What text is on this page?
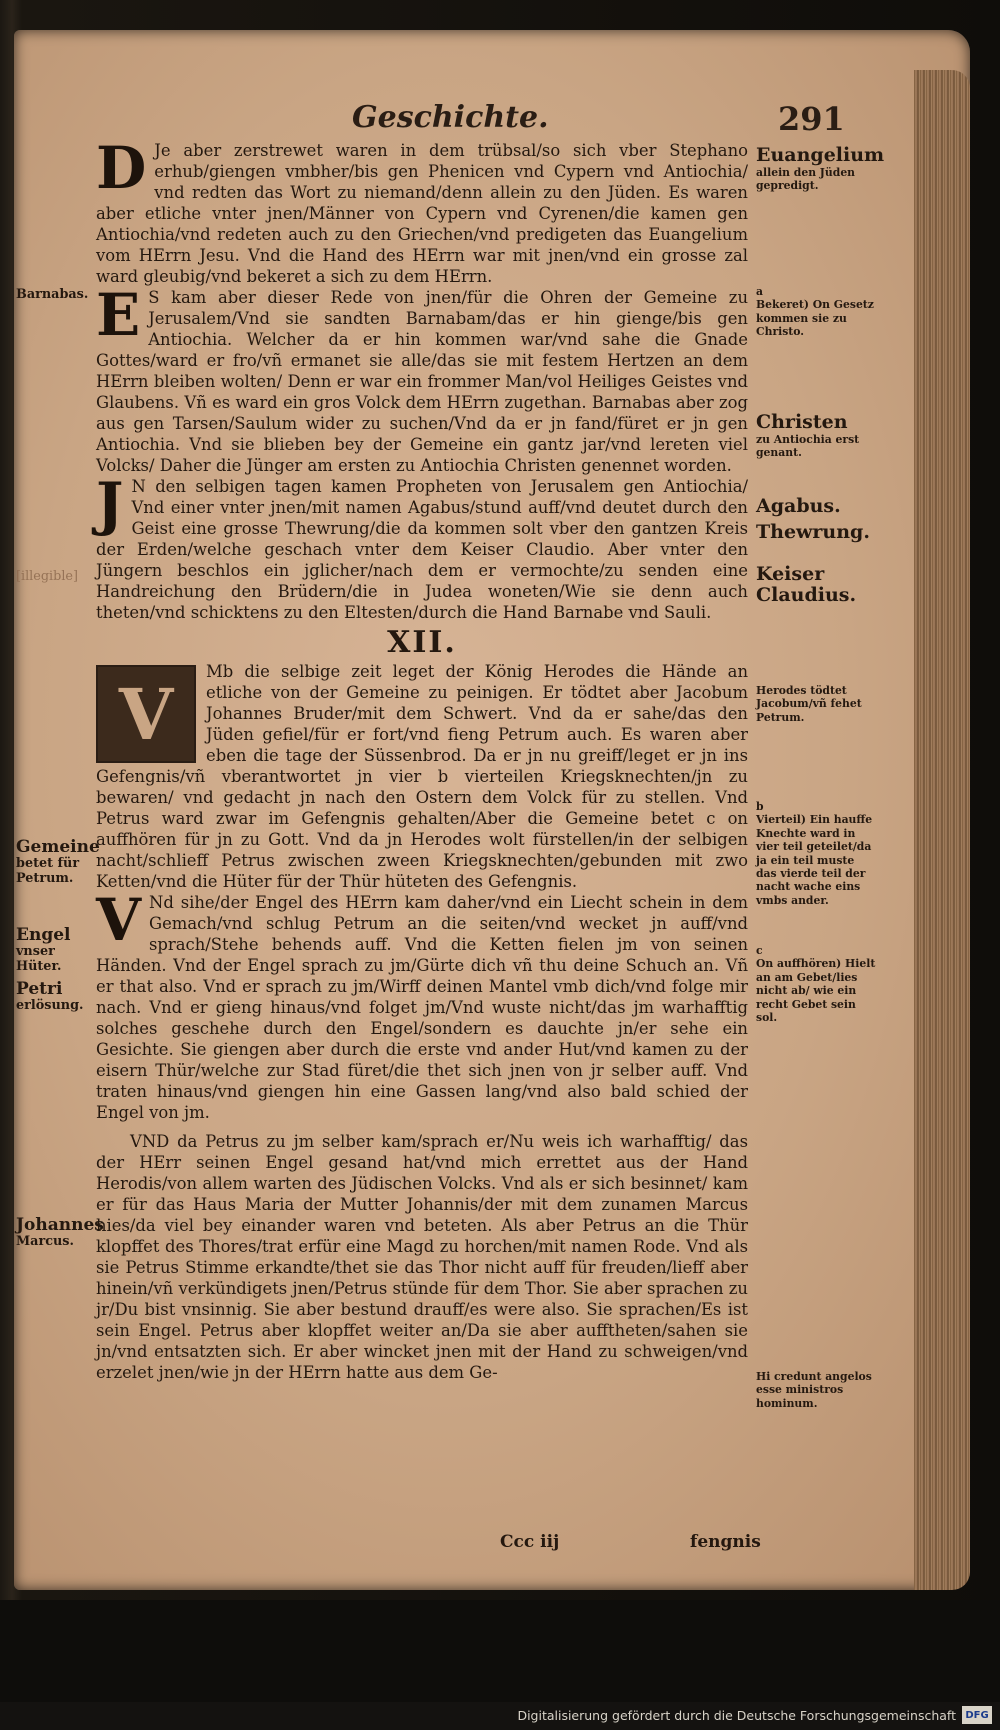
Geschichte.	291

D Je aber zerstrewet waren in dem trübsal/so sich vber Stephano erhub/giengen vmbher/bis gen Phenicen vnd Cypern vnd Antiochia/ vnd redten das Wort zu niemand/denn allein zu den Jüden. Es waren aber etliche vnter jnen/Männer von Cypern vnd Cyrenen/die kamen gen Antiochia/vnd redeten auch zu den Griechen/vnd predigeten das Euangelium vom HErrn Jesu. Vnd die Hand des HErrn war mit jnen/vnd ein grosse zal ward gleubig/vnd bekeret a sich zu dem HErrn.

E S kam aber dieser Rede von jnen/für die Ohren der Gemeine zu Jerusalem/Vnd sie sandten Barnabam/das er hin gienge/bis gen Antiochia. Welcher da er hin kommen war/vnd sahe die Gnade Gottes/ward er fro/vñ ermanet sie alle/das sie mit festem Hertzen an dem HErrn bleiben wolten/ Denn er war ein frommer Man/vol Heiliges Geistes vnd Glaubens. Vñ es ward ein gros Volck dem HErrn zugethan. Barnabas aber zog aus gen Tarsen/Saulum wider zu suchen/Vnd da er jn fand/füret er jn gen Antiochia. Vnd sie blieben bey der Gemeine ein gantz jar/vnd lereten viel Volcks/ Daher die Jünger am ersten zu Antiochia Christen genennet worden.

J N den selbigen tagen kamen Propheten von Jerusalem gen Antiochia/ Vnd einer vnter jnen/mit namen Agabus/stund auff/vnd deutet durch den Geist eine grosse Thewrung/die da kommen solt vber den gantzen Kreis der Erden/welche geschach vnter dem Keiser Claudio. Aber vnter den Jüngern beschlos ein jglicher/nach dem er vermochte/zu senden eine Handreichung den Brüdern/die in Judea woneten/Wie sie denn auch theten/vnd schicktens zu den Eltesten/durch die Hand Barnabe vnd Sauli.

XII.

V
Mb die selbige zeit leget der König Herodes die Hände an etliche von der Gemeine zu peinigen. Er tödtet aber Jacobum Johannes Bruder/mit dem Schwert. Vnd da er sahe/das den Jüden gefiel/für er fort/vnd fieng Petrum auch. Es waren aber eben die tage der Süssenbrod. Da er jn nu greiff/leget er jn ins Gefengnis/vñ vberantwortet jn vier b vierteilen Kriegsknechten/jn zu bewaren/ vnd gedacht jn nach den Ostern dem Volck für zu stellen. Vnd Petrus ward zwar im Gefengnis gehalten/Aber die Gemeine betet c on auffhören für jn zu Gott. Vnd da jn Herodes wolt fürstellen/in der selbigen nacht/schlieff Petrus zwischen zween Kriegsknechten/gebunden mit zwo Ketten/vnd die Hüter für der Thür hüteten des Gefengnis.

V Nd sihe/der Engel des HErrn kam daher/vnd ein Liecht schein in dem Gemach/vnd schlug Petrum an die seiten/vnd wecket jn auff/vnd sprach/Stehe behends auff. Vnd die Ketten fielen jm von seinen Händen. Vnd der Engel sprach zu jm/Gürte dich vñ thu deine Schuch an. Vñ er that also. Vnd er sprach zu jm/Wirff deinen Mantel vmb dich/vnd folge mir nach. Vnd er gieng hinaus/vnd folget jm/Vnd wuste nicht/das jm warhafftig solches geschehe durch den Engel/sondern es dauchte jn/er sehe ein Gesichte. Sie giengen aber durch die erste vnd ander Hut/vnd kamen zu der eisern Thür/welche zur Stad füret/die thet sich jnen von jr selber auff. Vnd traten hinaus/vnd giengen hin eine Gassen lang/vnd also bald schied der Engel von jm.

VND da Petrus zu jm selber kam/sprach er/Nu weis ich warhafftig/ das der HErr seinen Engel gesand hat/vnd mich errettet aus der Hand Herodis/von allem warten des Jüdischen Volcks. Vnd als er sich besinnet/ kam er für das Haus Maria der Mutter Johannis/der mit dem zunamen Marcus hies/da viel bey einander waren vnd beteten. Als aber Petrus an die Thür klopffet des Thores/trat erfür eine Magd zu horchen/mit namen Rode. Vnd als sie Petrus Stimme erkandte/thet sie das Thor nicht auff für freuden/lieff aber hinein/vñ verkündigets jnen/Petrus stünde für dem Thor. Sie aber sprachen zu jr/Du bist vnsinnig. Sie aber bestund drauff/es were also. Sie sprachen/Es ist sein Engel. Petrus aber klopffet weiter an/Da sie aber aufftheten/sahen sie jn/vnd entsatzten sich. Er aber wincket jnen mit der Hand zu schweigen/vnd erzelet jnen/wie jn der HErrn hatte aus dem Ge-

Ccc iij	fengnis
Euangelium
allein den Jüden gepredigt.
a
Bekeret) On Gesetz kommen sie zu Christo.
Christen
zu Antiochia erst genant.
Agabus.
Thewrung.
Keiser Claudius.
Herodes tödtet Jacobum/vñ fehet Petrum.
b
Vierteil) Ein hauffe Knechte ward in vier teil geteilet/da ja ein teil muste das vierde teil der nacht wache eins vmbs ander.
c
On auffhören) Hielt an am Gebet/lies nicht ab/ wie ein recht Gebet sein sol.
Hi credunt angelos esse ministros hominum.
Barnabas.
[illegible]
Gemeine
betet für Petrum.
Engel
vnser Hüter.
Petri
erlösung.
Johannes
Marcus.
Digitalisierung gefördert durch die Deutsche Forschungsgemeinschaft DFG
